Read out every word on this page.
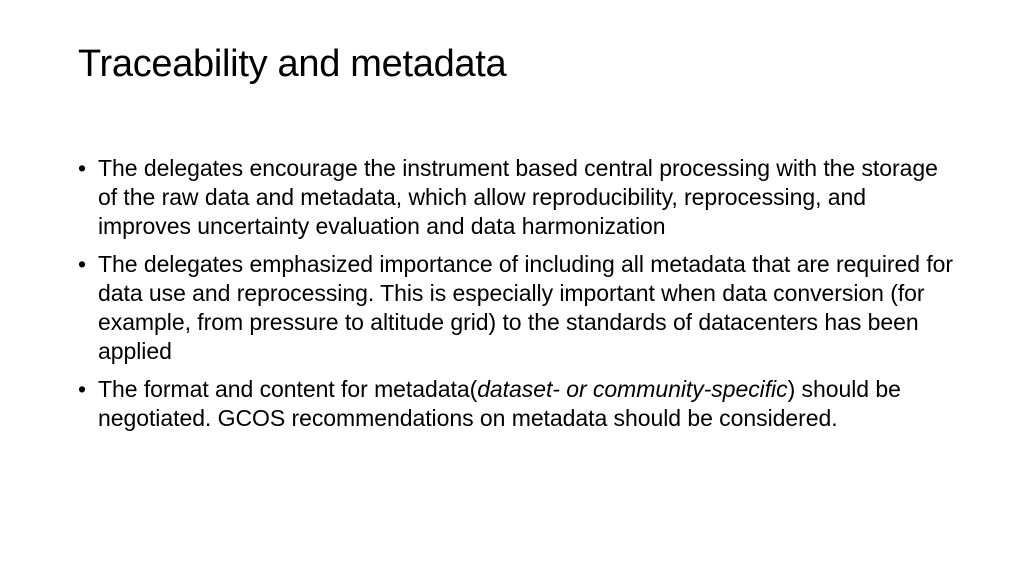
Traceability and metadata
• The delegates encourage the instrument based central processing with the storage of the raw data and metadata, which allow reproducibility, reprocessing, and improves uncertainty evaluation and data harmonization
• The delegates emphasized importance of including all metadata that are required for data use and reprocessing. This is especially important when data conversion (for example, from pressure to altitude grid) to the standards of datacenters has been applied
• The format and content for metadata(dataset- or community-specific) should be negotiated. GCOS recommendations on metadata should be considered.
